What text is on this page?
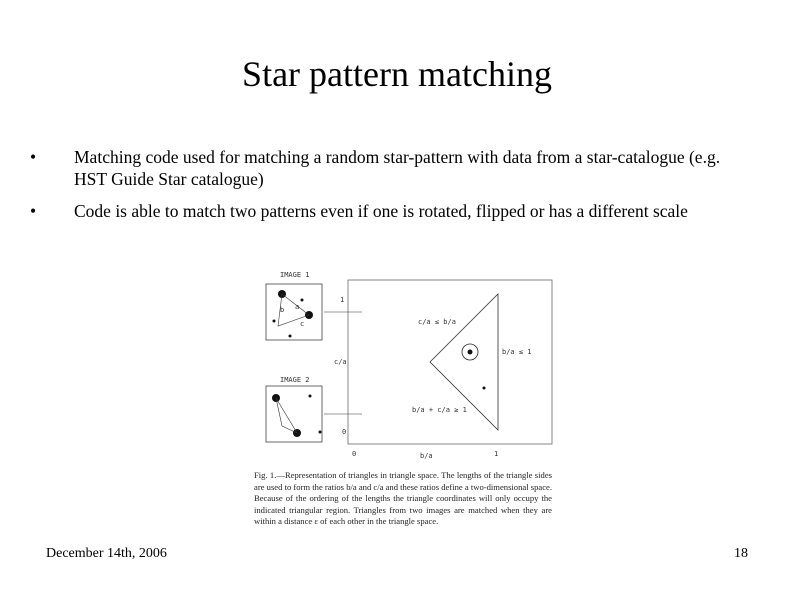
Star pattern matching
• Matching code used for matching a random star-pattern with data from a star-catalogue (e.g. HST Guide Star catalogue)
• Code is able to match two patterns even if one is rotated, flipped or has a different scale
IMAGE 1
a
b
c
IMAGE 2
1
c/a
0
0	1
b/a
c/a ≤ b/a
b/a ≤ 1
b/a + c/a ≥ 1
Fig. 1.—Representation of triangles in triangle space. The lengths of the triangle sides are used to form the ratios b/a and c/a and these ratios define a two-dimensional space. Because of the ordering of the lengths the triangle coordinates will only occupy the indicated triangular region. Triangles from two images are matched when they are within a distance ε of each other in the triangle space.
December 14th, 2006	18
